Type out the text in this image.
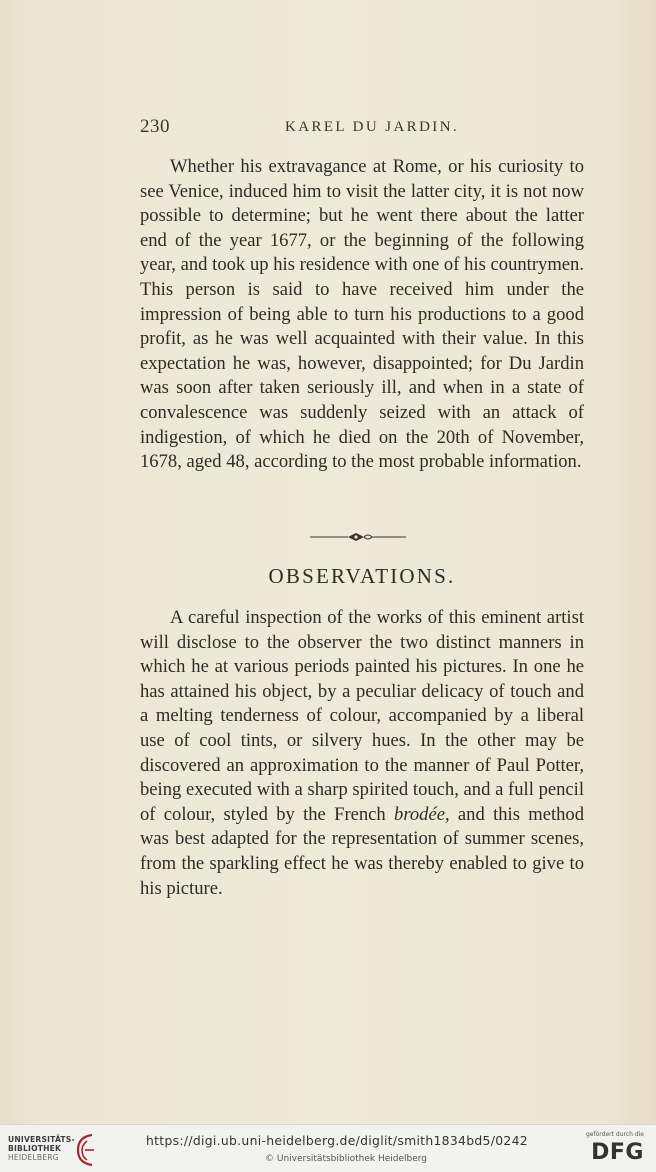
230	KAREL DU JARDIN.

Whether his extravagance at Rome, or his curiosity to see Venice, induced him to visit the latter city, it is not now possible to determine; but he went there about the latter end of the year 1677, or the beginning of the following year, and took up his residence with one of his countrymen. This person is said to have received him under the impression of being able to turn his productions to a good profit, as he was well acquainted with their value. In this expectation he was, however, disappointed; for Du Jardin was soon after taken seriously ill, and when in a state of convalescence was suddenly seized with an attack of indigestion, of which he died on the 20th of November, 1678, aged 48, according to the most probable information.

OBSERVATIONS.

A careful inspection of the works of this eminent artist will disclose to the observer the two distinct manners in which he at various periods painted his pictures. In one he has attained his object, by a peculiar delicacy of touch and a melting tenderness of colour, accompanied by a liberal use of cool tints, or silvery hues. In the other may be discovered an approximation to the manner of Paul Potter, being executed with a sharp spirited touch, and a full pencil of colour, styled by the French brodée, and this method was best adapted for the representation of summer scenes, from the sparkling effect he was thereby enabled to give to his picture.

UNIVERSITÄTS-
BIBLIOTHEK
HEIDELBERG
https://digi.ub.uni-heidelberg.de/diglit/smith1834bd5/0242
© Universitätsbibliothek Heidelberg
gefördert durch die
DFG
